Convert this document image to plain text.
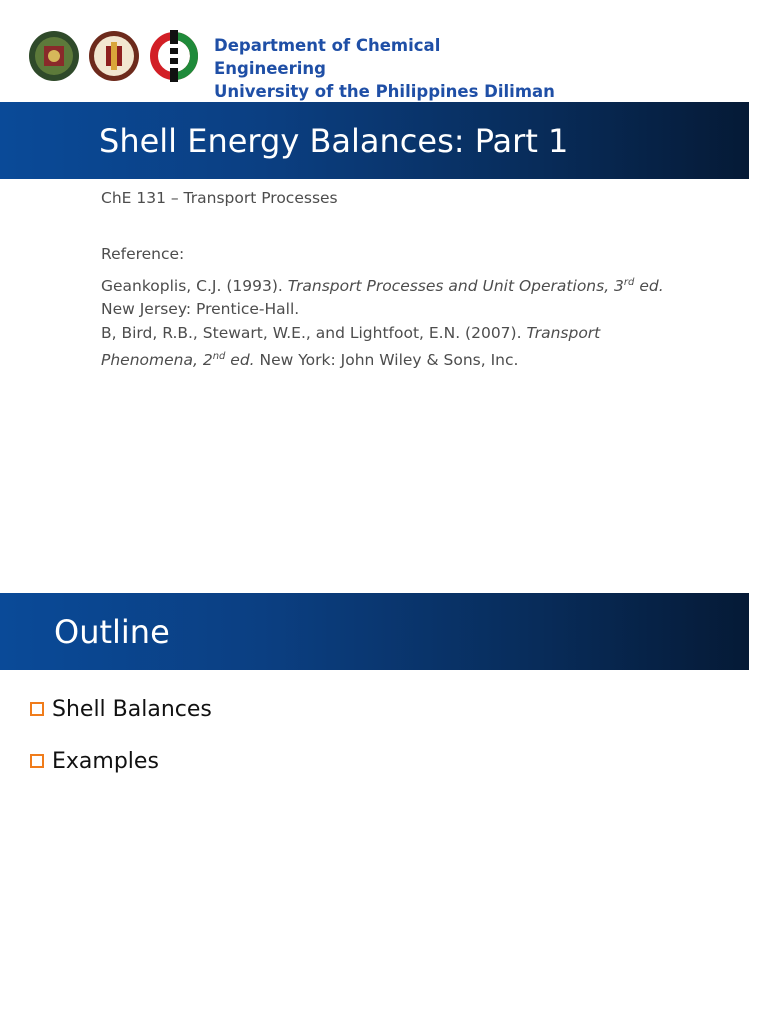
Department of Chemical
Engineering
University of the Philippines Diliman
Shell Energy Balances: Part 1
ChE 131 – Transport Processes
Reference:
Geankoplis, C.J. (1993). Transport Processes and Unit Operations, 3rd ed.
New Jersey: Prentice-Hall.
B, Bird, R.B., Stewart, W.E., and Lightfoot, E.N. (2007). Transport
Phenomena, 2nd ed. New York: John Wiley & Sons, Inc.
Outline
Shell Balances
Examples
